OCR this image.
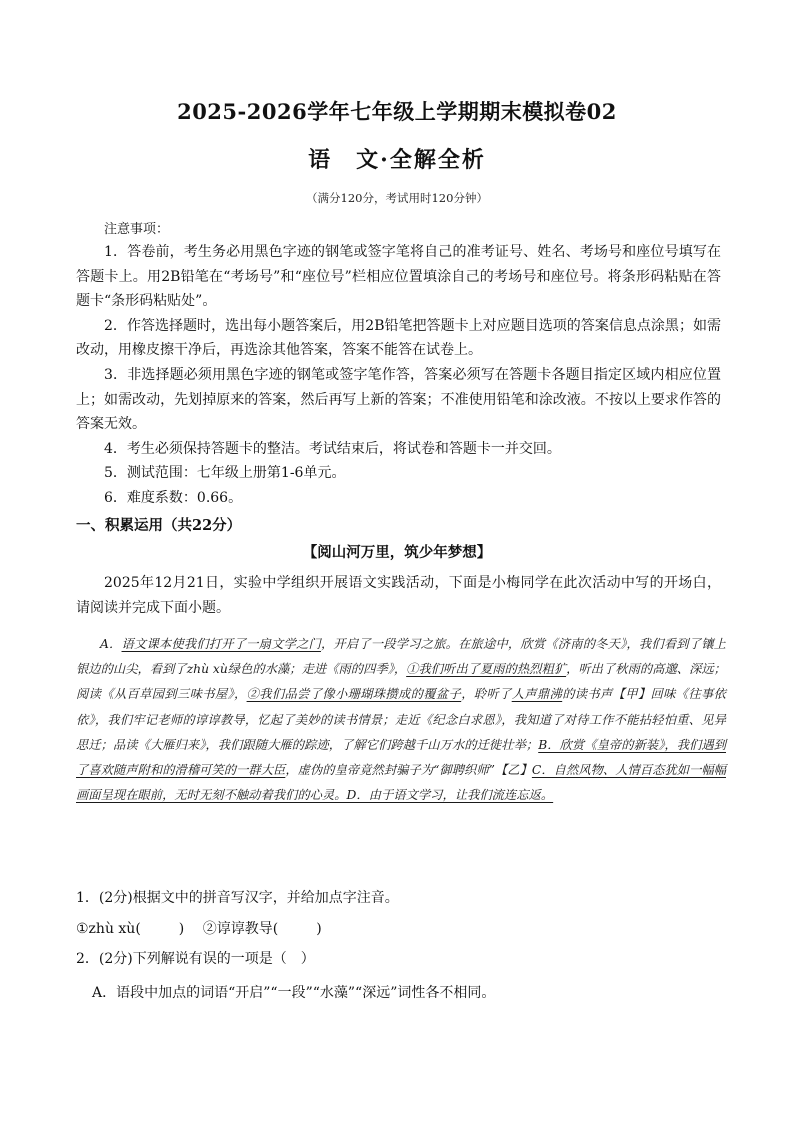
2025-2026学年七年级上学期期末模拟卷02
语　文·全解全析
（满分120分，考试用时120分钟）
注意事项：

1．答卷前，考生务必用黑色字迹的钢笔或签字笔将自己的准考证号、姓名、考场号和座位号填写在答题卡上。用2B铅笔在“考场号”和“座位号”栏相应位置填涂自己的考场号和座位号。将条形码粘贴在答题卡“条形码粘贴处”。

2．作答选择题时，选出每小题答案后，用2B铅笔把答题卡上对应题目选项的答案信息点涂黑；如需改动，用橡皮擦干净后，再选涂其他答案，答案不能答在试卷上。

3．非选择题必须用黑色字迹的钢笔或签字笔作答，答案必须写在答题卡各题目指定区域内相应位置上；如需改动，先划掉原来的答案，然后再写上新的答案；不准使用铅笔和涂改液。不按以上要求作答的答案无效。

4．考生必须保持答题卡的整洁。考试结束后，将试卷和答题卡一并交回。

5．测试范围：七年级上册第1-6单元。

6．难度系数：0.66。

一、积累运用（共22分）
【阅山河万里，筑少年梦想】

2025年12月21日，实验中学组织开展语文实践活动，下面是小梅同学在此次活动中写的开场白，请阅读并完成下面小题。

A．语文课本使我们打开了一扇文学之门，开启了一段学习之旅。在旅途中，欣赏《济南的冬天》，我们看到了镶上银边的山尖，看到了zhù xù绿色的水藻；走进《雨的四季》，①我们听出了夏雨的热烈粗犷，听出了秋雨的高邈、深远；阅读《从百草园到三味书屋》，②我们品尝了像小珊瑚珠攒成的覆盆子，聆听了人声鼎沸的读书声【甲】回味《往事依依》，我们牢记老师的谆谆教导，忆起了美妙的读书情景；走近《纪念白求恩》，我知道了对待工作不能拈轻怕重、见异思迁；品读《大雁归来》，我们跟随大雁的踪迹，了解它们跨越千山万水的迁徙壮举；B．欣赏《皇帝的新装》，我们遇到了喜欢随声附和的滑稽可笑的一群大臣，虚伪的皇帝竟然封骗子为“御聘织师”【乙】C．自然风物、人情百态犹如一幅幅画面呈现在眼前，无时无刻不触动着我们的心灵。D．由于语文学习，让我们流连忘返。

1．(2分)根据文中的拼音写汉字，并给加点字注音。
①zhù xù(	) 　 ②谆谆教导(	)
2．(2分)下列解说有误的一项是（　）
A．语段中加点的词语“开启”“一段”“水藻”“深远”词性各不相同。
